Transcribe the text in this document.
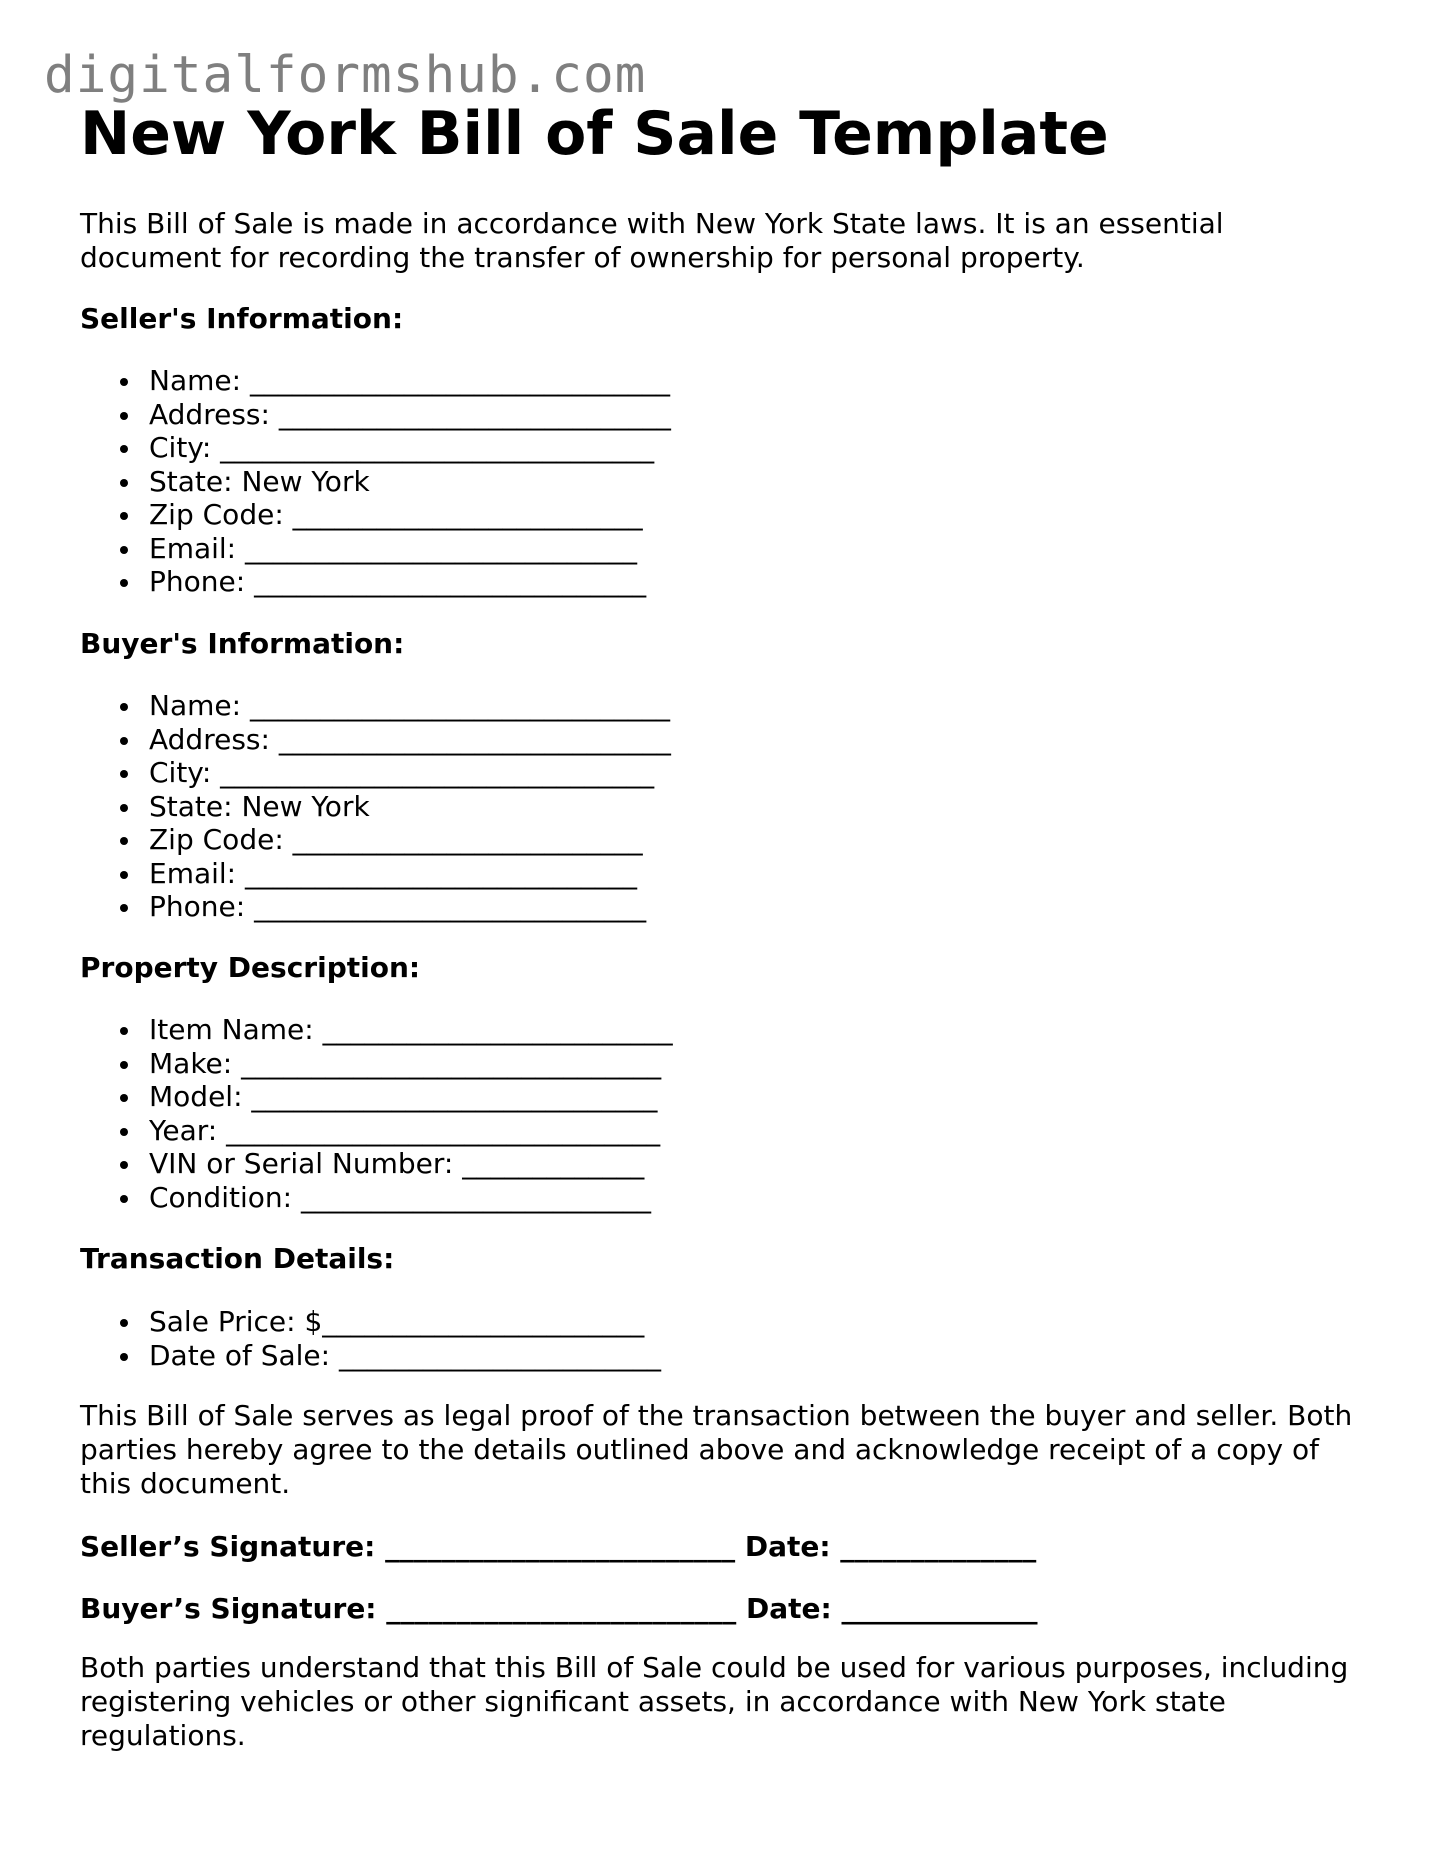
digitalformshub.com
New York Bill of Sale Template

This Bill of Sale is made in accordance with New York State laws. It is an essential document for recording the transfer of ownership for personal property.

Seller's Information:
Name: ______________________________
Address: ____________________________
City: _______________________________
State: New York
Zip Code: _________________________
Email: ____________________________
Phone: ____________________________
Buyer's Information:
Name: ______________________________
Address: ____________________________
City: _______________________________
State: New York
Zip Code: _________________________
Email: ____________________________
Phone: ____________________________
Property Description:
Item Name: _________________________
Make: ______________________________
Model: _____________________________
Year: _______________________________
VIN or Serial Number: _____________
Condition: _________________________
Transaction Details:
Sale Price: $_______________________
Date of Sale: _______________________

This Bill of Sale serves as legal proof of the transaction between the buyer and seller. Both parties hereby agree to the details outlined above and acknowledge receipt of a copy of this document.

Seller’s Signature: _________________________ Date: ______________

Buyer’s Signature: _________________________ Date: ______________

Both parties understand that this Bill of Sale could be used for various purposes, including registering vehicles or other significant assets, in accordance with New York state regulations.
